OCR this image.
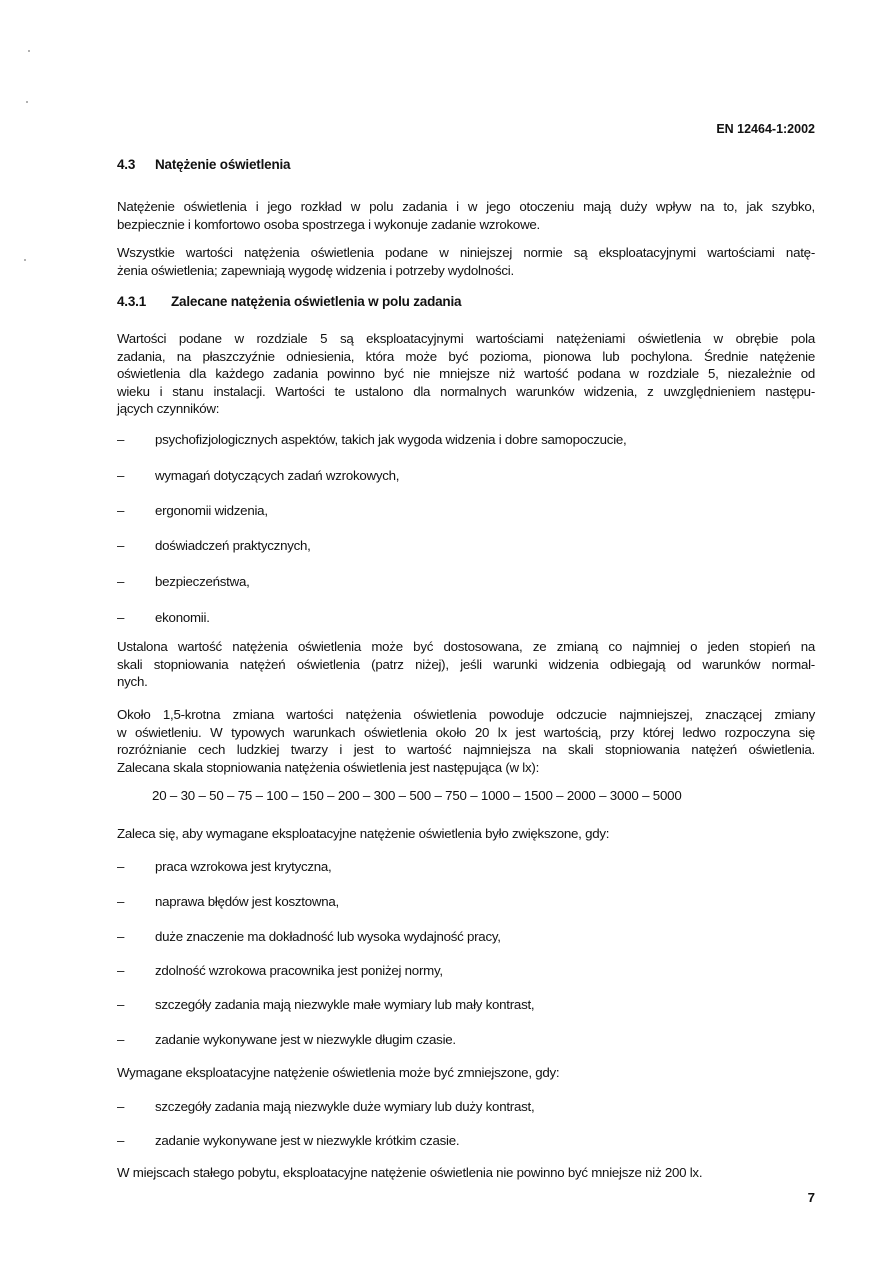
EN 12464-1:2002
4.3 Natężenie oświetlenia
Natężenie oświetlenia i jego rozkład w polu zadania i w jego otoczeniu mają duży wpływ na to, jak szybko,
bezpiecznie i komfortowo osoba spostrzega i wykonuje zadanie wzrokowe.
Wszystkie wartości natężenia oświetlenia podane w niniejszej normie są eksploatacyjnymi wartościami natę-
żenia oświetlenia; zapewniają wygodę widzenia i potrzeby wydolności.
4.3.1 Zalecane natężenia oświetlenia w polu zadania
Wartości podane w rozdziale 5 są eksploatacyjnymi wartościami natężeniami oświetlenia w obrębie pola
zadania, na płaszczyźnie odniesienia, która może być pozioma, pionowa lub pochylona. Średnie natężenie
oświetlenia dla każdego zadania powinno być nie mniejsze niż wartość podana w rozdziale 5, niezależnie od
wieku i stanu instalacji. Wartości te ustalono dla normalnych warunków widzenia, z uwzględnieniem następu-
jących czynników:
– psychofizjologicznych aspektów, takich jak wygoda widzenia i dobre samopoczucie,
– wymagań dotyczących zadań wzrokowych,
– ergonomii widzenia,
– doświadczeń praktycznych,
– bezpieczeństwa,
– ekonomii.
Ustalona wartość natężenia oświetlenia może być dostosowana, ze zmianą co najmniej o jeden stopień na
skali stopniowania natężeń oświetlenia (patrz niżej), jeśli warunki widzenia odbiegają od warunków normal-
nych.
Około 1,5-krotna zmiana wartości natężenia oświetlenia powoduje odczucie najmniejszej, znaczącej zmiany
w oświetleniu. W typowych warunkach oświetlenia około 20 lx jest wartością, przy której ledwo rozpoczyna się
rozróżnianie cech ludzkiej twarzy i jest to wartość najmniejsza na skali stopniowania natężeń oświetlenia.
Zalecana skala stopniowania natężenia oświetlenia jest następująca (w lx):
20 – 30 – 50 – 75 – 100 – 150 – 200 – 300 – 500 – 750 – 1000 – 1500 – 2000 – 3000 – 5000
Zaleca się, aby wymagane eksploatacyjne natężenie oświetlenia było zwiększone, gdy:
– praca wzrokowa jest krytyczna,
– naprawa błędów jest kosztowna,
– duże znaczenie ma dokładność lub wysoka wydajność pracy,
– zdolność wzrokowa pracownika jest poniżej normy,
– szczegóły zadania mają niezwykle małe wymiary lub mały kontrast,
– zadanie wykonywane jest w niezwykle długim czasie.
Wymagane eksploatacyjne natężenie oświetlenia może być zmniejszone, gdy:
– szczegóły zadania mają niezwykle duże wymiary lub duży kontrast,
– zadanie wykonywane jest w niezwykle krótkim czasie.
W miejscach stałego pobytu, eksploatacyjne natężenie oświetlenia nie powinno być mniejsze niż 200 lx.
7
